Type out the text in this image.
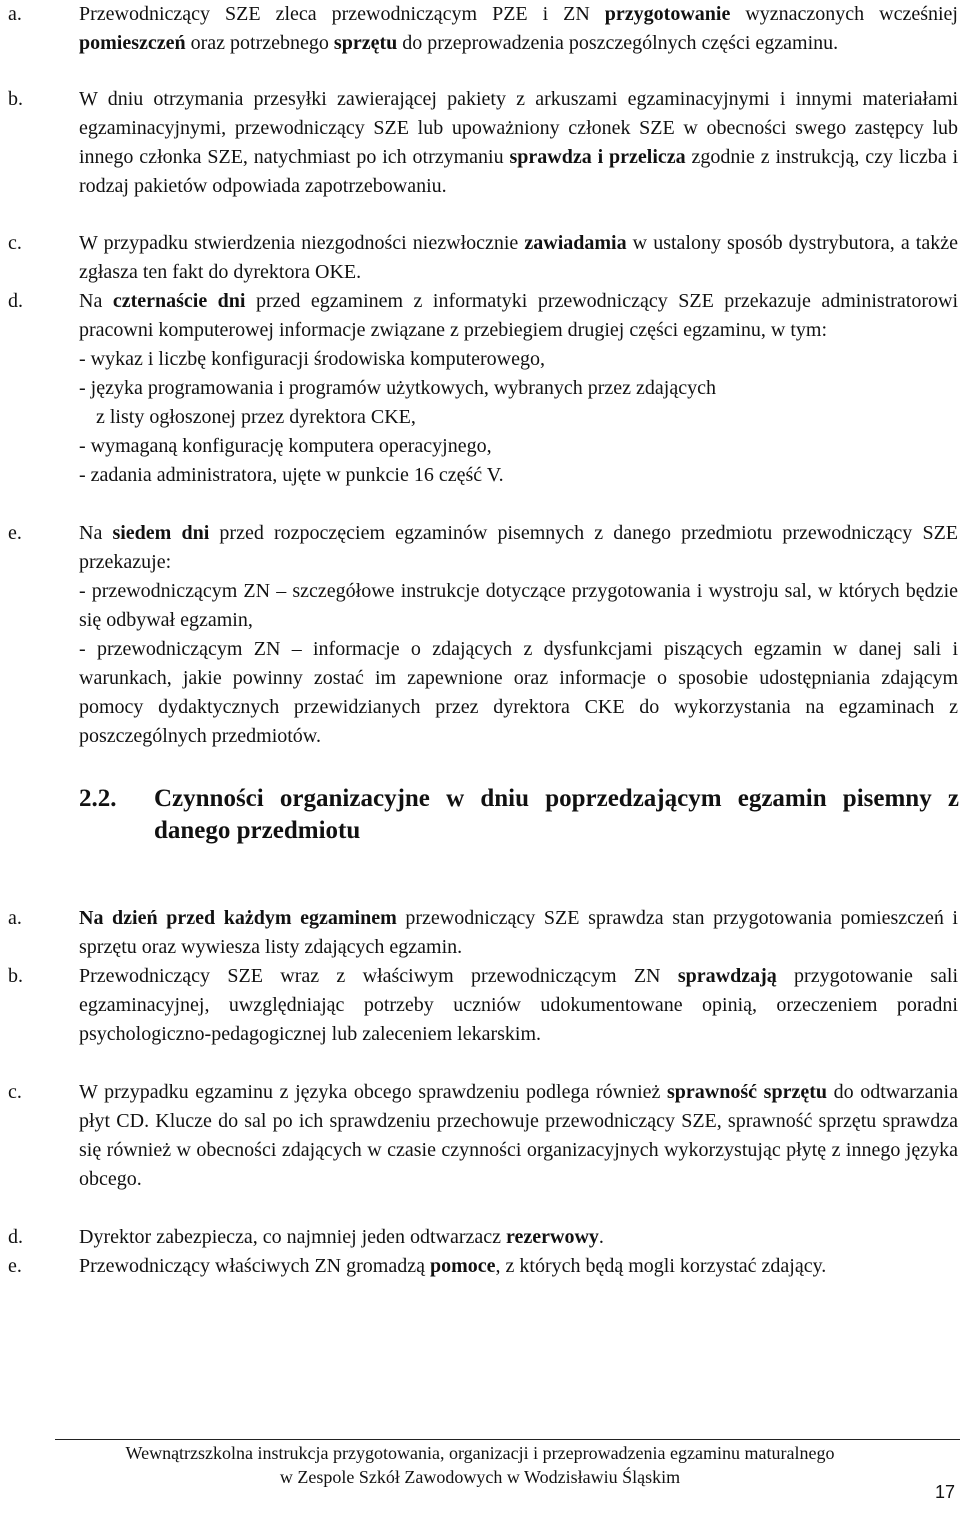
a.	Przewodniczący SZE zleca przewodniczącym PZE i ZN przygotowanie wyznaczonych wcześniej pomieszczeń oraz potrzebnego sprzętu do przeprowadzenia poszczególnych części egzaminu.
b.	W dniu otrzymania przesyłki zawierającej pakiety z arkuszami egzaminacyjnymi i innymi materiałami egzaminacyjnymi, przewodniczący SZE lub upoważniony członek SZE w obecności swego zastępcy lub innego członka SZE, natychmiast po ich otrzymaniu sprawdza i przelicza zgodnie z instrukcją, czy liczba i rodzaj pakietów odpowiada zapotrzebowaniu.
c.	W przypadku stwierdzenia niezgodności niezwłocznie zawiadamia w ustalony sposób dystrybutora, a także zgłasza ten fakt do dyrektora OKE.
d.	Na czternaście dni przed egzaminem z informatyki przewodniczący SZE przekazuje administratorowi pracowni komputerowej informacje związane z przebiegiem drugiej części egzaminu, w tym:
- wykaz i liczbę konfiguracji środowiska komputerowego,
- języka programowania i programów użytkowych, wybranych przez zdających
z listy ogłoszonej przez dyrektora CKE,
- wymaganą konfigurację komputera operacyjnego,
- zadania administratora, ujęte w punkcie 16 część V.
e.	Na siedem dni przed rozpoczęciem egzaminów pisemnych z danego przedmiotu przewodniczący SZE przekazuje:
- przewodniczącym ZN ‒ szczegółowe instrukcje dotyczące przygotowania i wystroju sal, w których będzie się odbywał egzamin,
- przewodniczącym ZN – informacje o zdających z dysfunkcjami piszących egzamin w danej sali i warunkach, jakie powinny zostać im zapewnione oraz informacje o sposobie udostępniania zdającym pomocy dydaktycznych przewidzianych przez dyrektora CKE do wykorzystania na egzaminach z poszczególnych przedmiotów.
2.2. Czynności organizacyjne w dniu poprzedzającym egzamin pisemny z danego przedmiotu
a.	Na dzień przed każdym egzaminem przewodniczący SZE sprawdza stan przygotowania pomieszczeń i sprzętu oraz wywiesza listy zdających egzamin.
b.	Przewodniczący SZE wraz z właściwym przewodniczącym ZN sprawdzają przygotowanie sali egzaminacyjnej, uwzględniając potrzeby uczniów udokumentowane opinią, orzeczeniem poradni psychologiczno-pedagogicznej lub zaleceniem lekarskim.
c.	W przypadku egzaminu z języka obcego sprawdzeniu podlega również sprawność sprzętu do odtwarzania płyt CD. Klucze do sal po ich sprawdzeniu przechowuje przewodniczący SZE, sprawność sprzętu sprawdza się również w obecności zdających w czasie czynności organizacyjnych wykorzystując płytę z innego języka obcego.
d.	Dyrektor zabezpiecza, co najmniej jeden odtwarzacz rezerwowy.
e.	Przewodniczący właściwych ZN gromadzą pomoce, z których będą mogli korzystać zdający.
Wewnątrzszkolna instrukcja przygotowania, organizacji i przeprowadzenia egzaminu maturalnego
w Zespole Szkół Zawodowych w Wodzisławiu Śląskim
17
